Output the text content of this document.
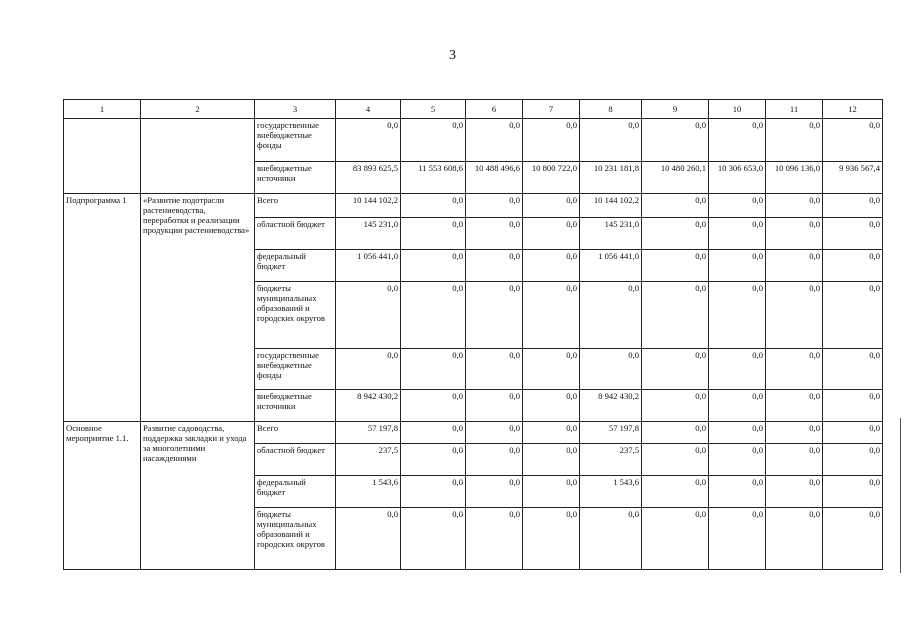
3
1	2	3	4	5	6	7	8	9	10	11	12
		государственные внебюджетные фонды	0,0	0,0	0,0	0,0	0,0	0,0	0,0	0,0	0,0
		внебюджетные источники	83 893 625,5	11 553 608,6	10 488 496,6	10 800 722,0	10 231 181,8	10 480 260,1	10 306 653,0	10 096 136,0	9 936 567,4
Подпрограмма 1	«Развитие подотрасли растениеводства, переработки и реализации продукции растениеводства»	Всего	10 144 102,2	0,0	0,0	0,0	10 144 102,2	0,0	0,0	0,0	0,0
		областной бюджет	145 231,0	0,0	0,0	0,0	145 231,0	0,0	0,0	0,0	0,0
		федеральный бюджет	1 056 441,0	0,0	0,0	0,0	1 056 441,0	0,0	0,0	0,0	0,0
		бюджеты муниципальных образований и городских округов	0,0	0,0	0,0	0,0	0,0	0,0	0,0	0,0	0,0
		государственные внебюджетные фонды	0,0	0,0	0,0	0,0	0,0	0,0	0,0	0,0	0,0
		внебюджетные источники	8 942 430,2	0,0	0,0	0,0	8 942 430,2	0,0	0,0	0,0	0,0
Основное мероприятие 1.1.	Развитие садоводства, поддержка закладки и ухода за многолетними насаждениями	Всего	57 197,8	0,0	0,0	0,0	57 197,8	0,0	0,0	0,0	0,0
		областной бюджет	237,5	0,0	0,0	0,0	237,5	0,0	0,0	0,0	0,0
		федеральный бюджет	1 543,6	0,0	0,0	0,0	1 543,6	0,0	0,0	0,0	0,0
		бюджеты муниципальных образований и городских округов	0,0	0,0	0,0	0,0	0,0	0,0	0,0	0,0	0,0
